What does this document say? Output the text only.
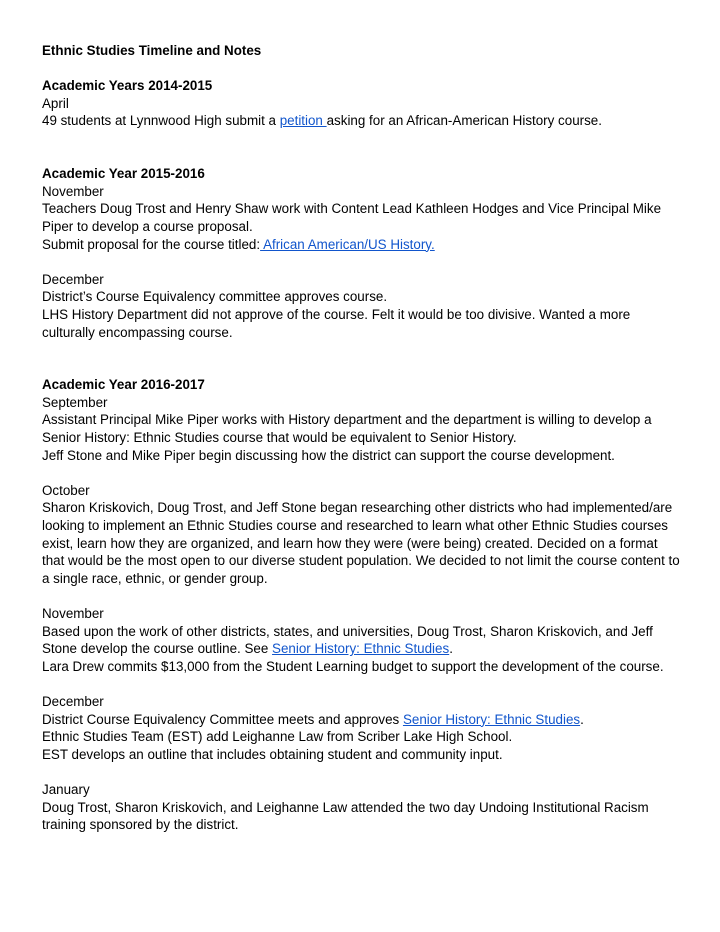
Ethnic Studies Timeline and Notes

Academic Years 2014-2015

April

49 students at Lynnwood High submit a petition asking for an African-American History course.

Academic Year 2015-2016

November

Teachers Doug Trost and Henry Shaw work with Content Lead Kathleen Hodges and Vice Principal Mike Piper to develop a course proposal.

Submit proposal for the course titled: African American/US History.

December

District’s Course Equivalency committee approves course.

LHS History Department did not approve of the course. Felt it would be too divisive. Wanted a more culturally encompassing course.

Academic Year 2016-2017

September

Assistant Principal Mike Piper works with History department and the department is willing to develop a Senior History: Ethnic Studies course that would be equivalent to Senior History.

Jeff Stone and Mike Piper begin discussing how the district can support the course development.

October

Sharon Kriskovich, Doug Trost, and Jeff Stone began researching other districts who had implemented/are looking to implement an Ethnic Studies course and researched to learn what other Ethnic Studies courses exist, learn how they are organized, and learn how they were (were being) created. Decided on a format that would be the most open to our diverse student population. We decided to not limit the course content to a single race, ethnic, or gender group.

November

Based upon the work of other districts, states, and universities, Doug Trost, Sharon Kriskovich, and Jeff Stone develop the course outline. See Senior History: Ethnic Studies.

Lara Drew commits $13,000 from the Student Learning budget to support the development of the course.

December

District Course Equivalency Committee meets and approves Senior History: Ethnic Studies.

Ethnic Studies Team (EST) add Leighanne Law from Scriber Lake High School.

EST develops an outline that includes obtaining student and community input.

January

Doug Trost, Sharon Kriskovich, and Leighanne Law attended the two day Undoing Institutional Racism training sponsored by the district.
